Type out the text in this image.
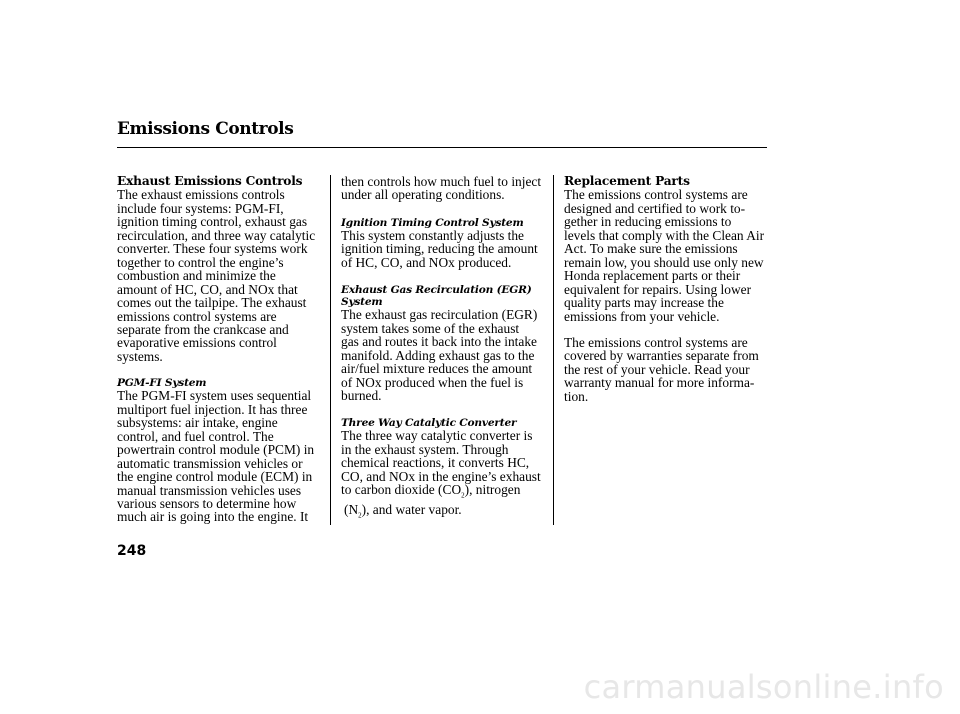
Emissions Controls

Exhaust Emissions Controls

The exhaust emissions controls

include four systems: PGM-FI,

ignition timing control, exhaust gas

recirculation, and three way catalytic

converter. These four systems work

together to control the engine’s

combustion and minimize the

amount of HC, CO, and NOx that

comes out the tailpipe. The exhaust

emissions control systems are

separate from the crankcase and

evaporative emissions control

systems.

PGM-FI System

The PGM-FI system uses sequential

multiport fuel injection. It has three

subsystems: air intake, engine

control, and fuel control. The

powertrain control module (PCM) in

automatic transmission vehicles or

the engine control module (ECM) in

manual transmission vehicles uses

various sensors to determine how

much air is going into the engine. It

then controls how much fuel to inject

under all operating conditions.

Ignition Timing Control System

This system constantly adjusts the

ignition timing, reducing the amount

of HC, CO, and NOx produced.

Exhaust Gas Recirculation (EGR)
System

The exhaust gas recirculation (EGR)

system takes some of the exhaust

gas and routes it back into the intake

manifold. Adding exhaust gas to the

air/fuel mixture reduces the amount

of NOx produced when the fuel is

burned.

Three Way Catalytic Converter

The three way catalytic converter is

in the exhaust system. Through

chemical reactions, it converts HC,

CO, and NOx in the engine’s exhaust

to carbon dioxide $(CO_2)$, nitrogen

$(N_2)$, and water vapor.

Replacement Parts

The emissions control systems are

designed and certified to work to-

gether in reducing emissions to

levels that comply with the Clean Air

Act. To make sure the emissions

remain low, you should use only new

Honda replacement parts or their

equivalent for repairs. Using lower

quality parts may increase the

emissions from your vehicle.

The emissions control systems are

covered by warranties separate from

the rest of your vehicle. Read your

warranty manual for more informa-

tion.

248
carmanualsonline.info
